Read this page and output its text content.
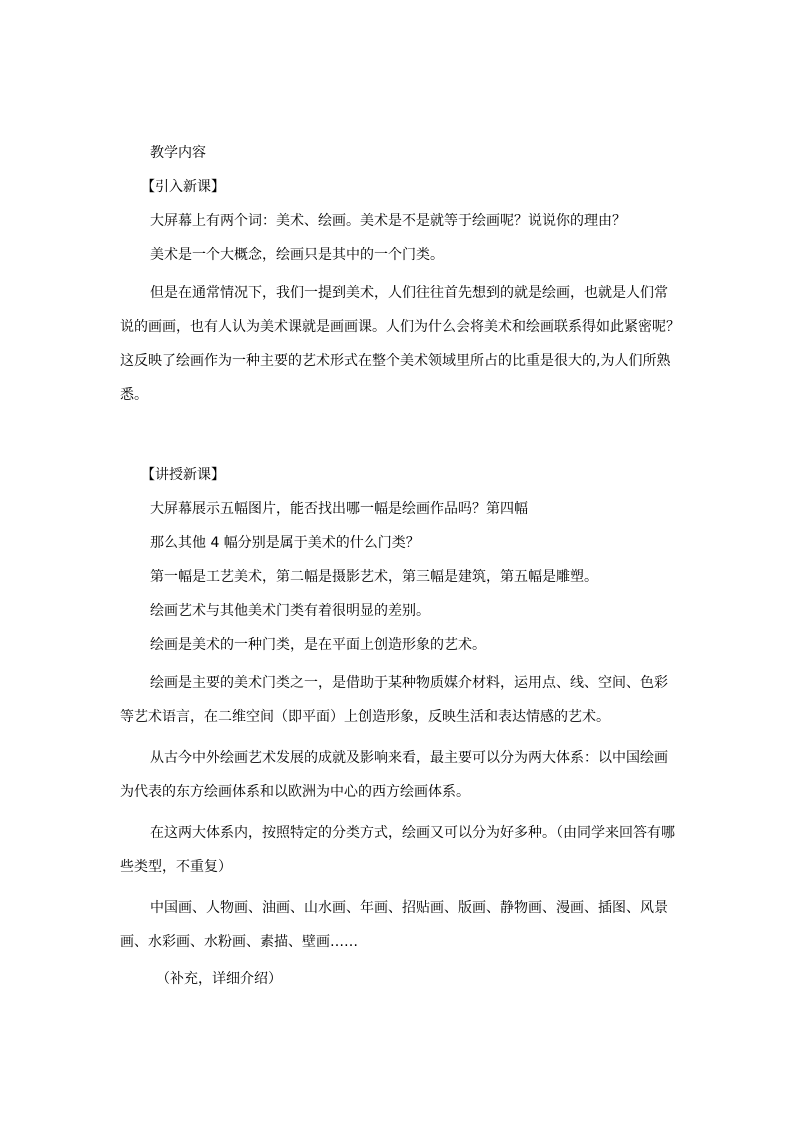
教学内容

【引入新课】

大屏幕上有两个词：美术、绘画。美术是不是就等于绘画呢？说说你的理由？

美术是一个大概念，绘画只是其中的一个门类。

但是在通常情况下，我们一提到美术，人们往往首先想到的就是绘画，也就是人们常说的画画，也有人认为美术课就是画画课。人们为什么会将美术和绘画联系得如此紧密呢？这反映了绘画作为一种主要的艺术形式在整个美术领域里所占的比重是很大的,为人们所熟悉。

【讲授新课】

大屏幕展示五幅图片，能否找出哪一幅是绘画作品吗？第四幅

那么其他 4 幅分别是属于美术的什么门类？

第一幅是工艺美术，第二幅是摄影艺术，第三幅是建筑，第五幅是雕塑。

绘画艺术与其他美术门类有着很明显的差别。

绘画是美术的一种门类，是在平面上创造形象的艺术。

绘画是主要的美术门类之一，是借助于某种物质媒介材料，运用点、线、空间、色彩等艺术语言，在二维空间（即平面）上创造形象，反映生活和表达情感的艺术。

从古今中外绘画艺术发展的成就及影响来看，最主要可以分为两大体系：以中国绘画为代表的东方绘画体系和以欧洲为中心的西方绘画体系。

在这两大体系内，按照特定的分类方式，绘画又可以分为好多种。（由同学来回答有哪些类型，不重复）

中国画、人物画、油画、山水画、年画、招贴画、版画、静物画、漫画、插图、风景画、水彩画、水粉画、素描、壁画……

（补充，详细介绍）
